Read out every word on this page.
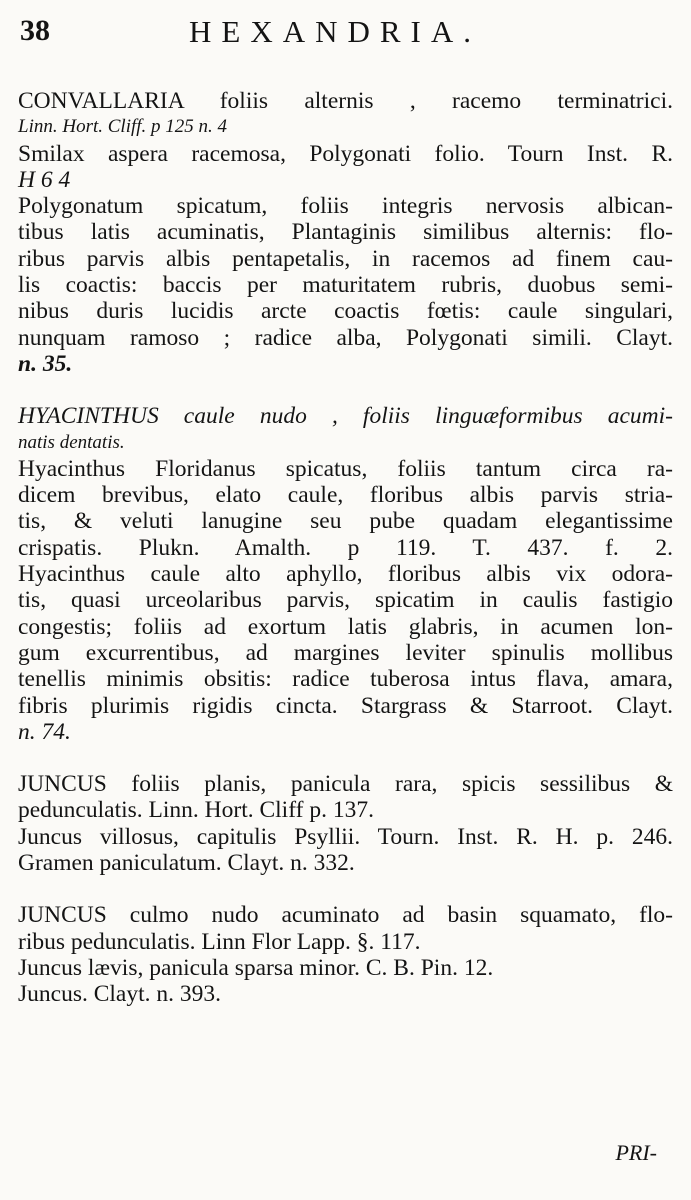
38	HEXANDRIA.
CONVALLARIA foliis alternis , racemo terminatrici.
Linn. Hort. Cliff. p 125 n. 4
Smilax aspera racemosa, Polygonati folio. Tourn Inst. R.
H 6 4
Polygonatum spicatum, foliis integris nervosis albican-
tibus latis acuminatis, Plantaginis similibus alternis: flo-
ribus parvis albis pentapetalis, in racemos ad finem cau-
lis coactis: baccis per maturitatem rubris, duobus semi-
nibus duris lucidis arcte coactis fœtis: caule singulari,
nunquam ramoso ; radice alba, Polygonati simili. Clayt.
n. 35.
HYACINTHUS caule nudo , foliis linguæformibus acumi-
natis dentatis.
Hyacinthus Floridanus spicatus, foliis tantum circa ra-
dicem brevibus, elato caule, floribus albis parvis stria-
tis, & veluti lanugine seu pube quadam elegantissime
crispatis. Plukn. Amalth. p 119. T. 437. f. 2.
Hyacinthus caule alto aphyllo, floribus albis vix odora-
tis, quasi urceolaribus parvis, spicatim in caulis fastigio
congestis; foliis ad exortum latis glabris, in acumen lon-
gum excurrentibus, ad margines leviter spinulis mollibus
tenellis minimis obsitis: radice tuberosa intus flava, amara,
fibris plurimis rigidis cincta. Stargrass & Starroot. Clayt.
n. 74.
JUNCUS foliis planis, panicula rara, spicis sessilibus &
pedunculatis. Linn. Hort. Cliff p. 137.
Juncus villosus, capitulis Psyllii. Tourn. Inst. R. H. p. 246.
Gramen paniculatum. Clayt. n. 332.
JUNCUS culmo nudo acuminato ad basin squamato, flo-
ribus pedunculatis. Linn Flor Lapp. §. 117.
Juncus lævis, panicula sparsa minor. C. B. Pin. 12.
Juncus. Clayt. n. 393.
PRI-
